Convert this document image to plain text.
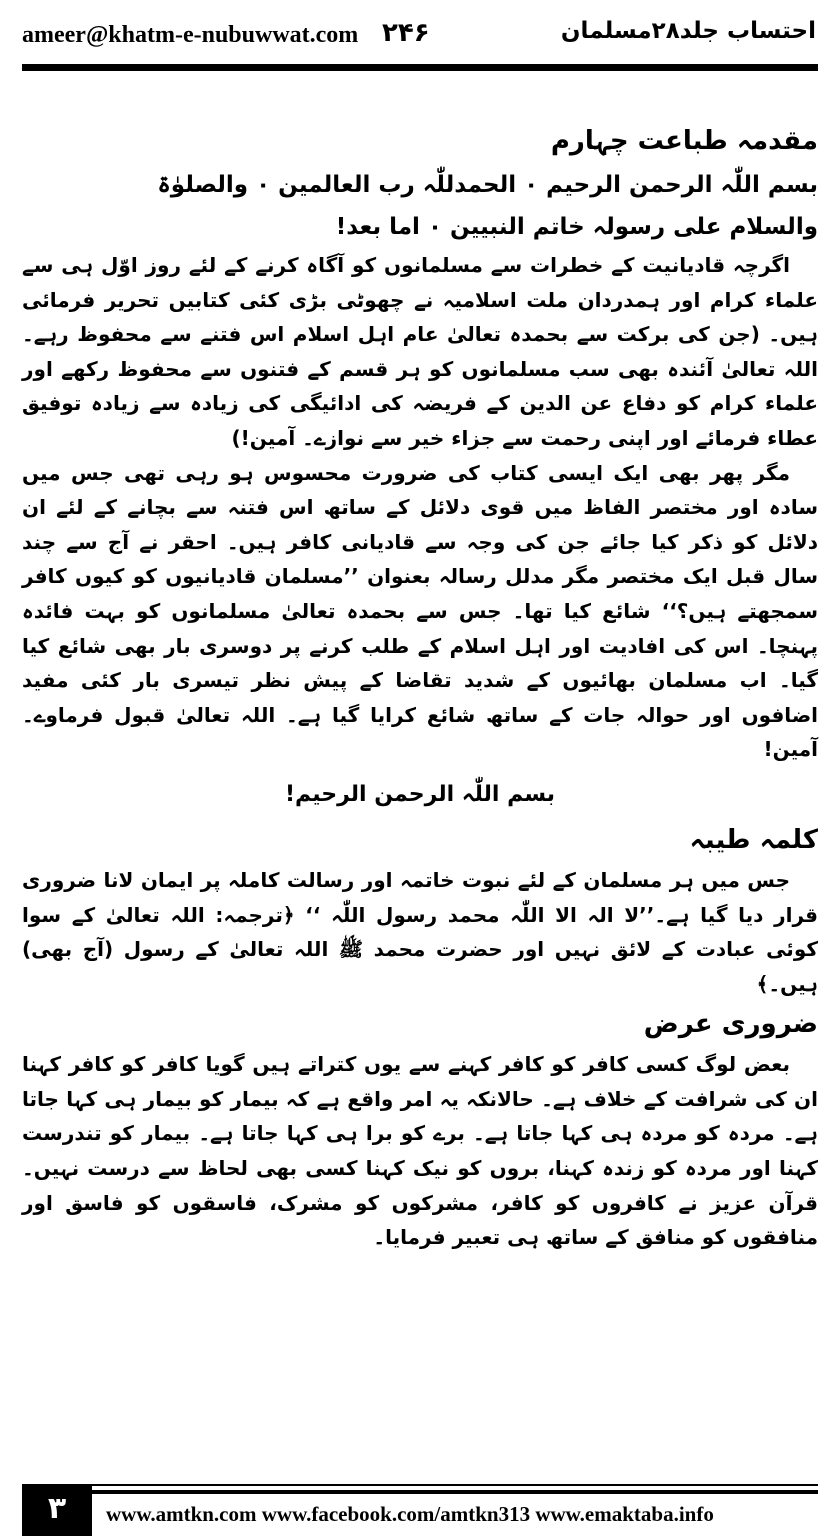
ameer@khatm-e-nubuwwat.com ۲۴۶	احتساب جلد۲۸مسلمان
مقدمہ طباعت چہارم
بسم اللّٰہ الرحمن الرحیم ۰ الحمدللّٰہ رب العالمین ۰ والصلوٰۃ
والسلام علی رسولہ خاتم النبیین ۰ اما بعد!

اگرچہ قادیانیت کے خطرات سے مسلمانوں کو آگاہ کرنے کے لئے روز اوّل ہی سے علماء کرام اور ہمدردان ملت اسلامیہ نے چھوٹی بڑی کئی کتابیں تحریر فرمائی ہیں۔ (جن کی برکت سے بحمدہ تعالیٰ عام اہل اسلام اس فتنے سے محفوظ رہے۔ اللہ تعالیٰ آئندہ بھی سب مسلمانوں کو ہر قسم کے فتنوں سے محفوظ رکھے اور علماء کرام کو دفاع عن الدین کے فریضہ کی ادائیگی کی زیادہ سے زیادہ توفیق عطاء فرمائے اور اپنی رحمت سے جزاء خیر سے نوازے۔ آمین!)

مگر پھر بھی ایک ایسی کتاب کی ضرورت محسوس ہو رہی تھی جس میں سادہ اور مختصر الفاظ میں قوی دلائل کے ساتھ اس فتنہ سے بچانے کے لئے ان دلائل کو ذکر کیا جائے جن کی وجہ سے قادیانی کافر ہیں۔ احقر نے آج سے چند سال قبل ایک مختصر مگر مدلل رسالہ بعنوان ’’مسلمان قادیانیوں کو کیوں کافر سمجھتے ہیں؟‘‘ شائع کیا تھا۔ جس سے بحمدہ تعالیٰ مسلمانوں کو بہت فائدہ پہنچا۔ اس کی افادیت اور اہل اسلام کے طلب کرنے پر دوسری بار بھی شائع کیا گیا۔ اب مسلمان بھائیوں کے شدید تقاضا کے پیش نظر تیسری بار کئی مفید اضافوں اور حوالہ جات کے ساتھ شائع کرایا گیا ہے۔ اللہ تعالیٰ قبول فرماوے۔ آمین!

بسم اللّٰہ الرحمن الرحیم!
کلمہ طیبہ

جس میں ہر مسلمان کے لئے نبوت خاتمہ اور رسالت کاملہ پر ایمان لانا ضروری قرار دیا گیا ہے۔’’لا الہ الا اللّٰہ محمد رسول اللّٰہ ‘‘ ﴿ترجمہ: اللہ تعالیٰ کے سوا کوئی عبادت کے لائق نہیں اور حضرت محمد ﷺ اللہ تعالیٰ کے رسول (آج بھی) ہیں۔﴾

ضروری عرض

بعض لوگ کسی کافر کو کافر کہنے سے یوں کتراتے ہیں گویا کافر کو کافر کہنا ان کی شرافت کے خلاف ہے۔ حالانکہ یہ امر واقع ہے کہ بیمار کو بیمار ہی کہا جاتا ہے۔ مردہ کو مردہ ہی کہا جاتا ہے۔ برے کو برا ہی کہا جاتا ہے۔ بیمار کو تندرست کہنا اور مردہ کو زندہ کہنا، بروں کو نیک کہنا کسی بھی لحاظ سے درست نہیں۔ قرآن عزیز نے کافروں کو کافر، مشرکوں کو مشرک، فاسقوں کو فاسق اور منافقوں کو منافق کے ساتھ ہی تعبیر فرمایا۔

۳	www.amtkn.com www.facebook.com/amtkn313 www.emaktaba.info
